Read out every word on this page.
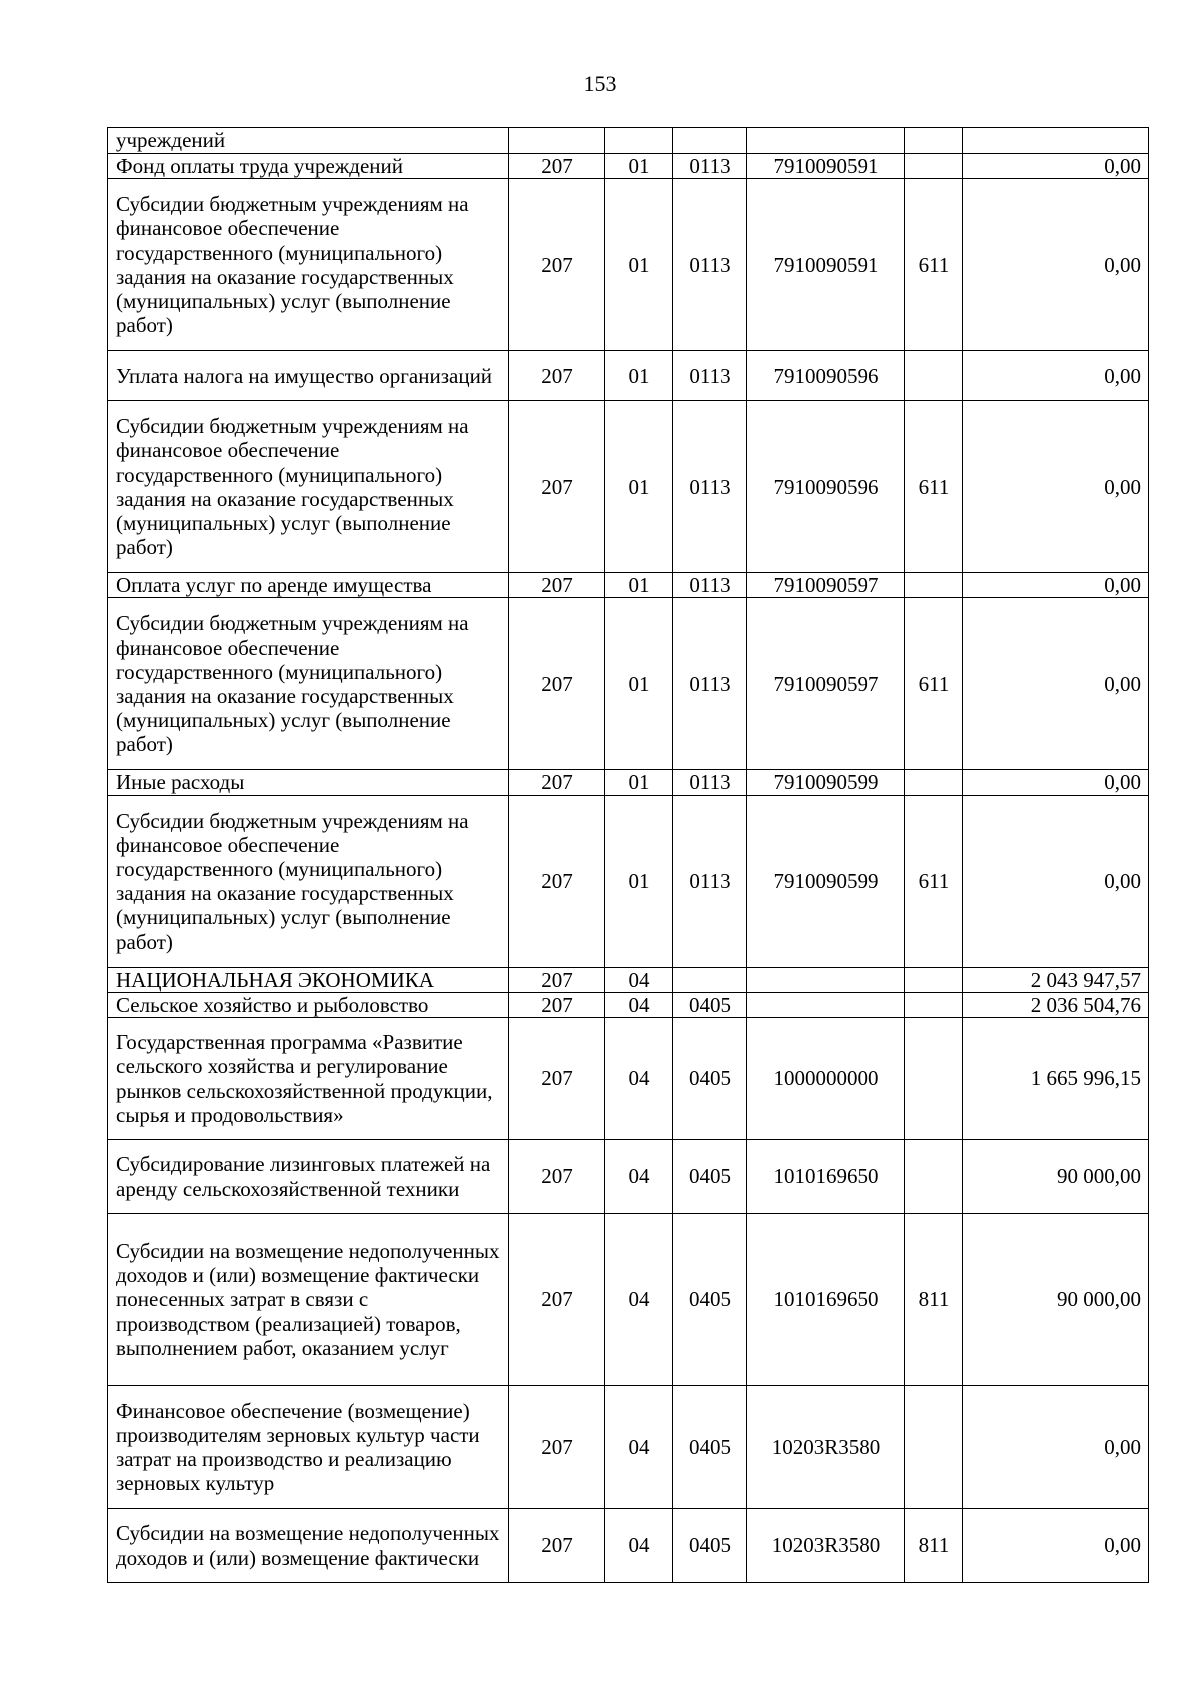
153
учреждений						
Фонд оплаты труда учреждений	207	01	0113	7910090591		0,00
Субсидии бюджетным учреждениям на финансовое обеспечение государственного (муниципального) задания на оказание государственных (муниципальных) услуг (выполнение работ)	207	01	0113	7910090591	611	0,00
Уплата налога на имущество организаций	207	01	0113	7910090596		0,00
Субсидии бюджетным учреждениям на финансовое обеспечение государственного (муниципального) задания на оказание государственных (муниципальных) услуг (выполнение работ)	207	01	0113	7910090596	611	0,00
Оплата услуг по аренде имущества	207	01	0113	7910090597		0,00
Субсидии бюджетным учреждениям на финансовое обеспечение государственного (муниципального) задания на оказание государственных (муниципальных) услуг (выполнение работ)	207	01	0113	7910090597	611	0,00
Иные расходы	207	01	0113	7910090599		0,00
Субсидии бюджетным учреждениям на финансовое обеспечение государственного (муниципального) задания на оказание государственных (муниципальных) услуг (выполнение работ)	207	01	0113	7910090599	611	0,00
НАЦИОНАЛЬНАЯ ЭКОНОМИКА	207	04				2 043 947,57
Сельское хозяйство и рыболовство	207	04	0405			2 036 504,76
Государственная программа «Развитие сельского хозяйства и регулирование рынков сельскохозяйственной продукции, сырья и продовольствия»	207	04	0405	1000000000		1 665 996,15
Субсидирование лизинговых платежей на аренду сельскохозяйственной техники	207	04	0405	1010169650		90 000,00
Субсидии на возмещение недополученных доходов и (или) возмещение фактически понесенных затрат в связи с производством (реализацией) товаров, выполнением работ, оказанием услуг	207	04	0405	1010169650	811	90 000,00
Финансовое обеспечение (возмещение) производителям зерновых культур части затрат на производство и реализацию зерновых культур	207	04	0405	10203R3580		0,00
Субсидии на возмещение недополученных доходов и (или) возмещение фактически	207	04	0405	10203R3580	811	0,00
